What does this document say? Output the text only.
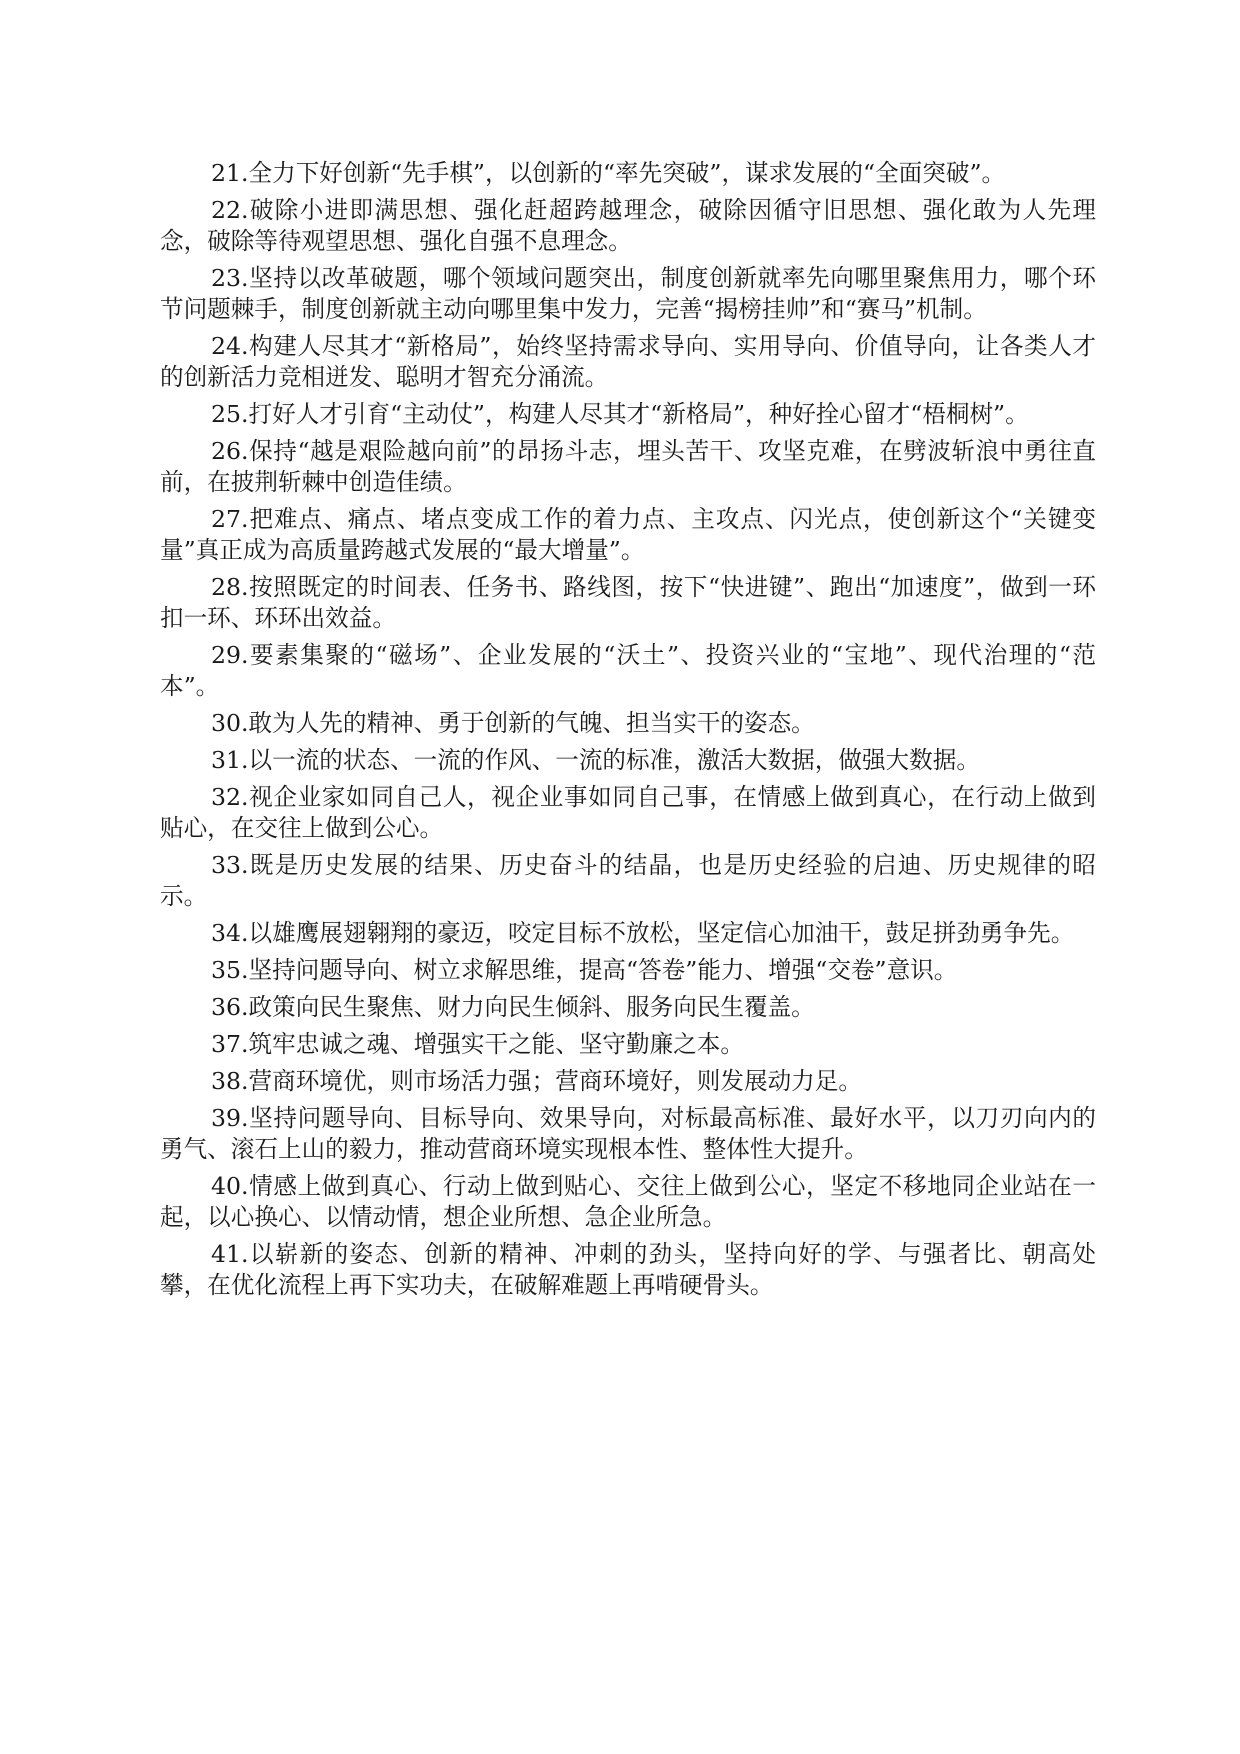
21.全力下好创新“先手棋”，以创新的“率先突破”，谋求发展的“全面突破”。

22.破除小进即满思想、强化赶超跨越理念，破除因循守旧思想、强化敢为人先理念，破除等待观望思想、强化自强不息理念。

23.坚持以改革破题，哪个领域问题突出，制度创新就率先向哪里聚焦用力，哪个环节问题棘手，制度创新就主动向哪里集中发力，完善“揭榜挂帅”和“赛马”机制。

24.构建人尽其才“新格局”，始终坚持需求导向、实用导向、价值导向，让各类人才的创新活力竞相迸发、聪明才智充分涌流。

25.打好人才引育“主动仗”，构建人尽其才“新格局”，种好拴心留才“梧桐树”。

26.保持“越是艰险越向前”的昂扬斗志，埋头苦干、攻坚克难，在劈波斩浪中勇往直前，在披荆斩棘中创造佳绩。

27.把难点、痛点、堵点变成工作的着力点、主攻点、闪光点，使创新这个“关键变量”真正成为高质量跨越式发展的“最大增量”。

28.按照既定的时间表、任务书、路线图，按下“快进键”、跑出“加速度”，做到一环扣一环、环环出效益。

29.要素集聚的“磁场”、企业发展的“沃土”、投资兴业的“宝地”、现代治理的“范本”。

30.敢为人先的精神、勇于创新的气魄、担当实干的姿态。

31.以一流的状态、一流的作风、一流的标准，激活大数据，做强大数据。

32.视企业家如同自己人，视企业事如同自己事，在情感上做到真心，在行动上做到贴心，在交往上做到公心。

33.既是历史发展的结果、历史奋斗的结晶，也是历史经验的启迪、历史规律的昭示。

34.以雄鹰展翅翱翔的豪迈，咬定目标不放松，坚定信心加油干，鼓足拼劲勇争先。

35.坚持问题导向、树立求解思维，提高“答卷”能力、增强“交卷”意识。

36.政策向民生聚焦、财力向民生倾斜、服务向民生覆盖。

37.筑牢忠诚之魂、增强实干之能、坚守勤廉之本。

38.营商环境优，则市场活力强；营商环境好，则发展动力足。

39.坚持问题导向、目标导向、效果导向，对标最高标准、最好水平，以刀刃向内的勇气、滚石上山的毅力，推动营商环境实现根本性、整体性大提升。

40.情感上做到真心、行动上做到贴心、交往上做到公心，坚定不移地同企业站在一起，以心换心、以情动情，想企业所想、急企业所急。

41.以崭新的姿态、创新的精神、冲刺的劲头，坚持向好的学、与强者比、朝高处攀，在优化流程上再下实功夫，在破解难题上再啃硬骨头。
